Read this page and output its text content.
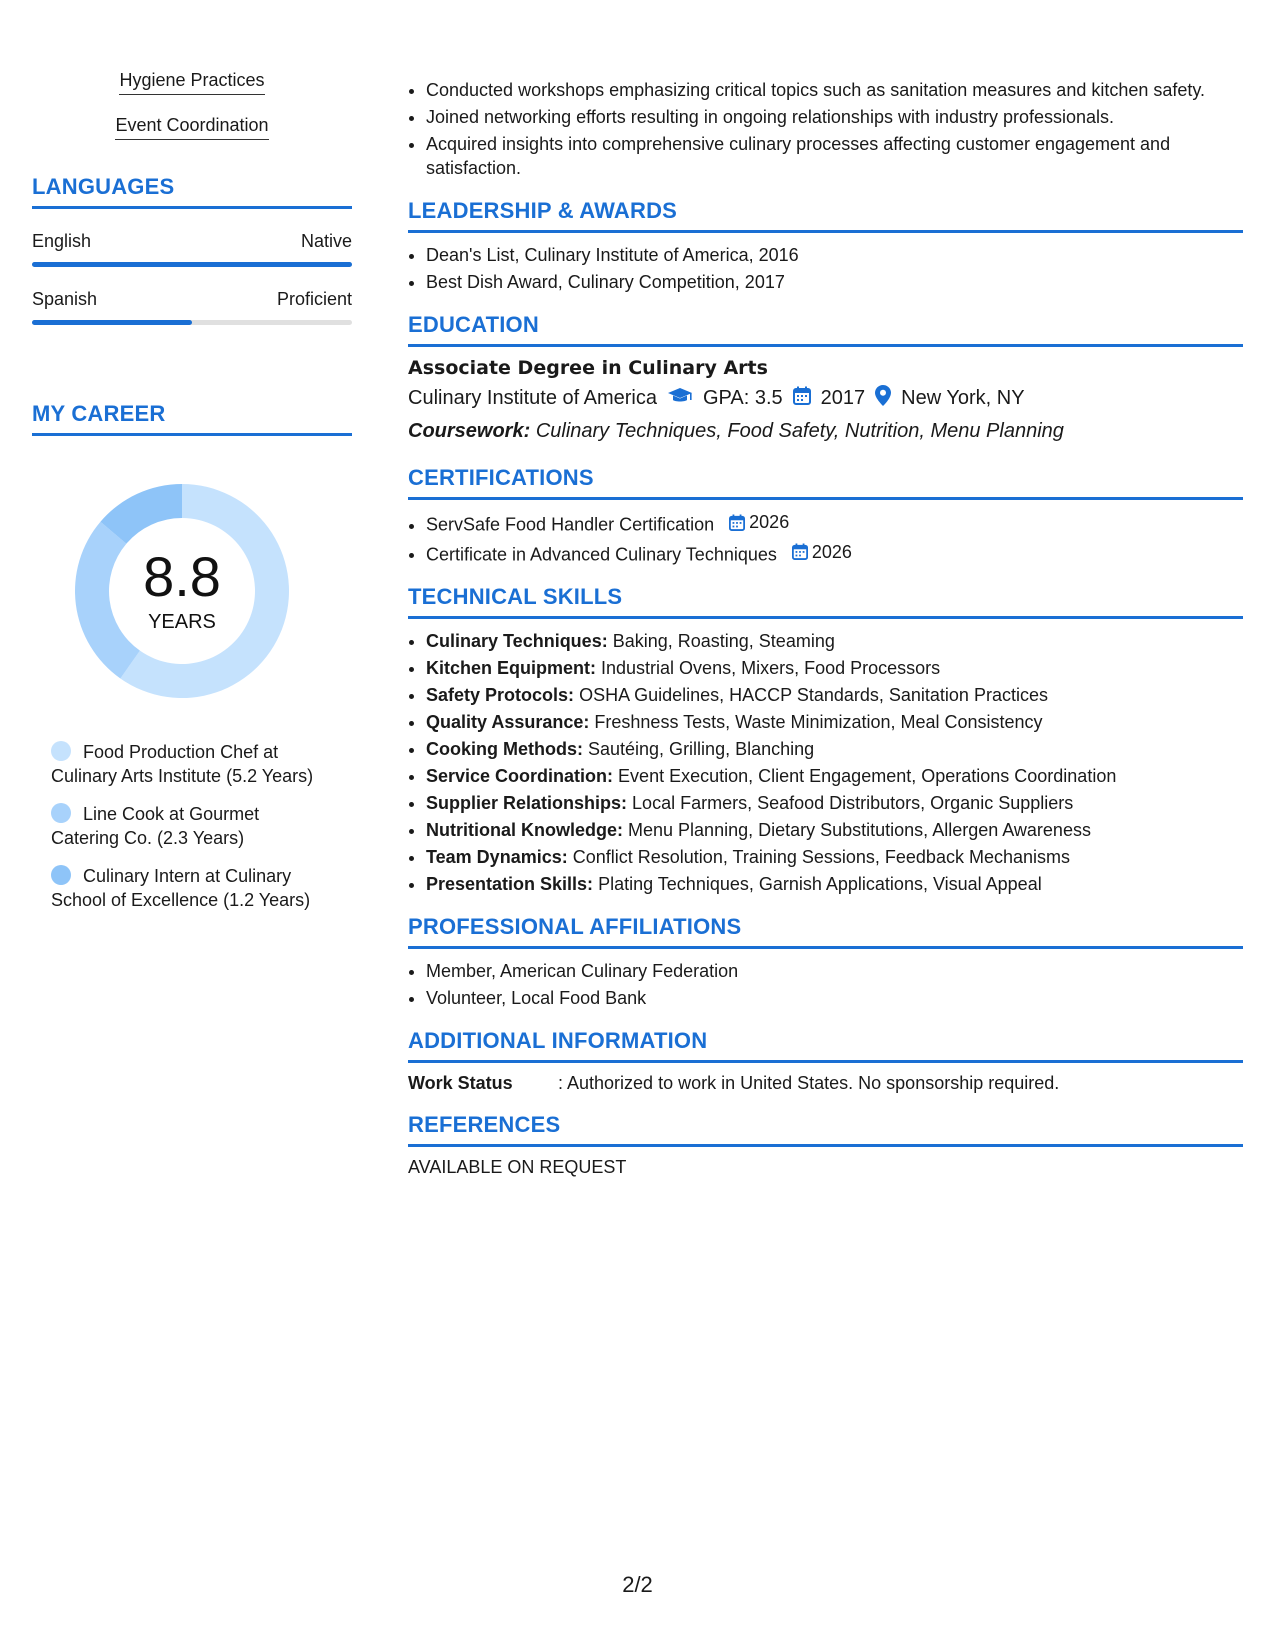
Hygiene Practices
Event Coordination
LANGUAGES
English	Native
Spanish	Proficient
MY CAREER
8.8
YEARS
Food Production Chef at Culinary Arts Institute (5.2 Years)
Line Cook at Gourmet Catering Co. (2.3 Years)
Culinary Intern at Culinary School of Excellence (1.2 Years)
• Conducted workshops emphasizing critical topics such as sanitation measures and kitchen safety.
• Joined networking efforts resulting in ongoing relationships with industry professionals.
• Acquired insights into comprehensive culinary processes affecting customer engagement and satisfaction.
LEADERSHIP & AWARDS
• Dean's List, Culinary Institute of America, 2016
• Best Dish Award, Culinary Competition, 2017
EDUCATION
Associate Degree in Culinary Arts
Culinary Institute of America GPA: 3.5 2017 New York, NY
Coursework: Culinary Techniques, Food Safety, Nutrition, Menu Planning
CERTIFICATIONS
• ServSafe Food Handler Certification 2026
• Certificate in Advanced Culinary Techniques 2026
TECHNICAL SKILLS
• Culinary Techniques: Baking, Roasting, Steaming
• Kitchen Equipment: Industrial Ovens, Mixers, Food Processors
• Safety Protocols: OSHA Guidelines, HACCP Standards, Sanitation Practices
• Quality Assurance: Freshness Tests, Waste Minimization, Meal Consistency
• Cooking Methods: Sautéing, Grilling, Blanching
• Service Coordination: Event Execution, Client Engagement, Operations Coordination
• Supplier Relationships: Local Farmers, Seafood Distributors, Organic Suppliers
• Nutritional Knowledge: Menu Planning, Dietary Substitutions, Allergen Awareness
• Team Dynamics: Conflict Resolution, Training Sessions, Feedback Mechanisms
• Presentation Skills: Plating Techniques, Garnish Applications, Visual Appeal
PROFESSIONAL AFFILIATIONS
• Member, American Culinary Federation
• Volunteer, Local Food Bank
ADDITIONAL INFORMATION
Work Status	: Authorized to work in United States. No sponsorship required.
REFERENCES
AVAILABLE ON REQUEST
2/2
